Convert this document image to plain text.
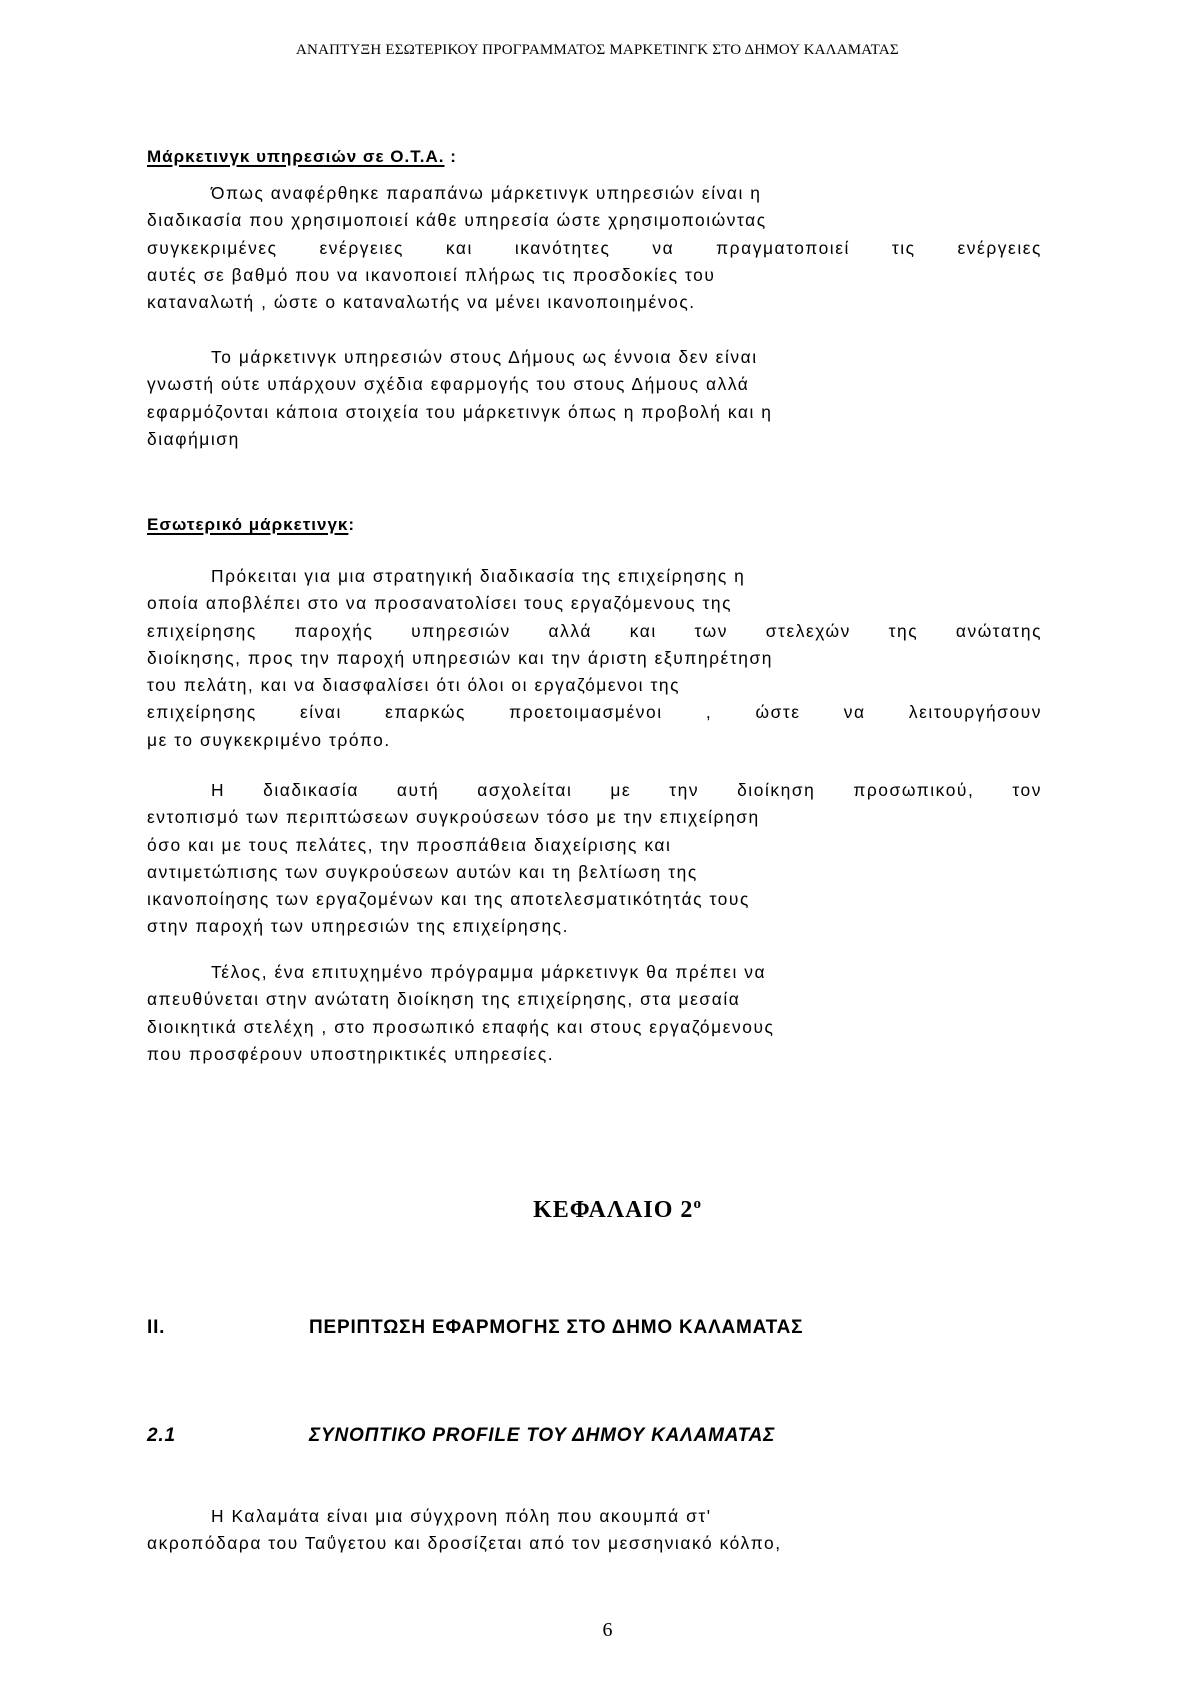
ΑΝΑΠΤΥΞΗ ΕΣΩΤΕΡΙΚΟΥ ΠΡΟΓΡΑΜΜΑΤΟΣ ΜΑΡΚΕΤΙΝΓΚ ΣΤΟ ΔΗΜΟΥ ΚΑΛΑΜΑΤΑΣ
Μάρκετινγκ υπηρεσιών σε Ο.Τ.Α. :
Όπως αναφέρθηκε παραπάνω μάρκετινγκ υπηρεσιών είναι η
διαδικασία που χρησιμοποιεί κάθε υπηρεσία ώστε χρησιμοποιώντας
συγκεκριμένες ενέργειες και ικανότητες να πραγματοποιεί τις ενέργειες
αυτές σε βαθμό που να ικανοποιεί πλήρως τις προσδοκίες του
καταναλωτή , ώστε ο καταναλωτής να μένει ικανοποιημένος.
Το μάρκετινγκ υπηρεσιών στους Δήμους ως έννοια δεν είναι
γνωστή ούτε υπάρχουν σχέδια εφαρμογής του στους Δήμους αλλά
εφαρμόζονται κάποια στοιχεία του μάρκετινγκ όπως η προβολή και η
διαφήμιση
Εσωτερικό μάρκετινγκ:
Πρόκειται για μια στρατηγική διαδικασία της επιχείρησης η
οποία αποβλέπει στο να προσανατολίσει τους εργαζόμενους της
επιχείρησης παροχής υπηρεσιών αλλά και των στελεχών της ανώτατης
διοίκησης, προς την παροχή υπηρεσιών και την άριστη εξυπηρέτηση
του πελάτη, και να διασφαλίσει ότι όλοι οι εργαζόμενοι της
επιχείρησης είναι επαρκώς προετοιμασμένοι , ώστε να λειτουργήσουν
με το συγκεκριμένο τρόπο.
Η διαδικασία αυτή ασχολείται με την διοίκηση προσωπικού, τον
εντοπισμό των περιπτώσεων συγκρούσεων τόσο με την επιχείρηση
όσο και με τους πελάτες, την προσπάθεια διαχείρισης και
αντιμετώπισης των συγκρούσεων αυτών και τη βελτίωση της
ικανοποίησης των εργαζομένων και της αποτελεσματικότητάς τους
στην παροχή των υπηρεσιών της επιχείρησης.
Τέλος, ένα επιτυχημένο πρόγραμμα μάρκετινγκ θα πρέπει να
απευθύνεται στην ανώτατη διοίκηση της επιχείρησης, στα μεσαία
διοικητικά στελέχη , στο προσωπικό επαφής και στους εργαζόμενους
που προσφέρουν υποστηρικτικές υπηρεσίες.
ΚΕΦΑΛΑΙΟ $2^o$
II.	ΠΕΡΙΠΤΩΣΗ ΕΦΑΡΜΟΓΗΣ ΣΤΟ ΔΗΜΟ ΚΑΛΑΜΑΤΑΣ
2.1	ΣΥΝΟΠΤΙΚΟ PROFILE ΤΟΥ ΔΗΜΟΥ ΚΑΛΑΜΑΤΑΣ
Η Καλαμάτα είναι μια σύγχρονη πόλη που ακουμπά στ'
ακροπόδαρα του Ταΰγετου και δροσίζεται από τον μεσσηνιακό κόλπο,
6
